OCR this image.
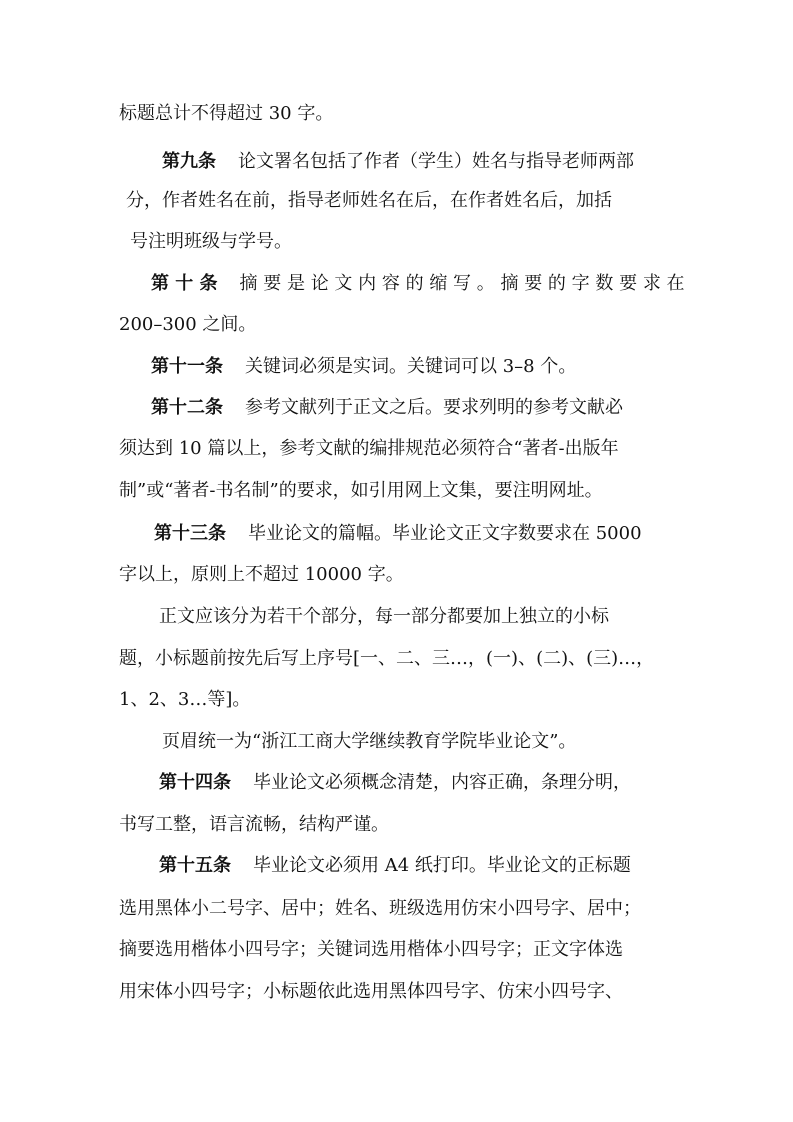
标题总计不得超过 30 字。
第九条 论文署名包括了作者（学生）姓名与指导老师两部
分，作者姓名在前，指导老师姓名在后，在作者姓名后，加括
号注明班级与学号。
第 十 条 摘 要 是 论 文 内 容 的 缩 写 。 摘 要 的 字 数 要 求 在
200–300 之间。
第十一条 关键词必须是实词。关键词可以 3–8 个。
第十二条 参考文献列于正文之后。要求列明的参考文献必
须达到 10 篇以上，参考文献的编排规范必须符合“著者-出版年
制”或“著者-书名制”的要求，如引用网上文集，要注明网址。
第十三条 毕业论文的篇幅。毕业论文正文字数要求在 5000
字以上，原则上不超过 10000 字。
正文应该分为若干个部分，每一部分都要加上独立的小标
题，小标题前按先后写上序号[一、二、三…，(一)、(二)、(三)…，
1、2、3…等]。
页眉统一为“浙江工商大学继续教育学院毕业论文”。
第十四条 毕业论文必须概念清楚，内容正确，条理分明，
书写工整，语言流畅，结构严谨。
第十五条 毕业论文必须用 A4 纸打印。毕业论文的正标题
选用黑体小二号字、居中；姓名、班级选用仿宋小四号字、居中；
摘要选用楷体小四号字；关键词选用楷体小四号字；正文字体选
用宋体小四号字；小标题依此选用黑体四号字、仿宋小四号字、
